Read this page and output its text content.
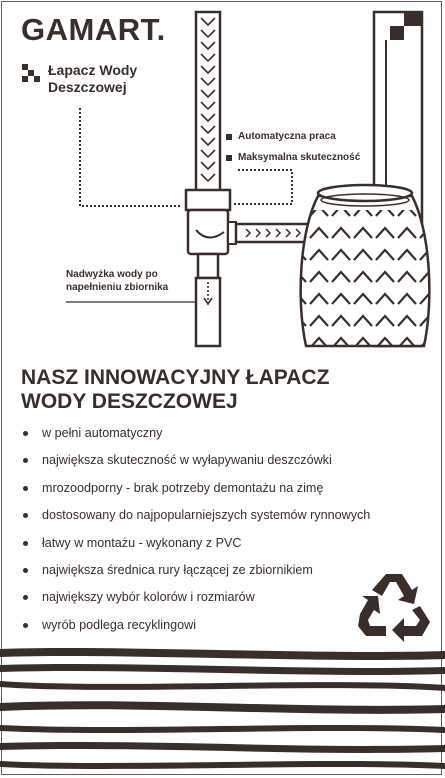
GAMART.
Łapacz Wody
Deszczowej
Automatyczna praca
Maksymalna skuteczność
Nadwyżka wody po
napełnieniu zbiornika
NASZ INNOWACYJNY ŁAPACZ
WODY DESZCZOWEJ
w pełni automatyczny
największa skuteczność w wyłapywaniu deszczówki
mrozoodporny - brak potrzeby demontażu na zimę
dostosowany do najpopularniejszych systemów rynnowych
łatwy w montażu - wykonany z PVC
największa średnica rury łączącej ze zbiornikiem
największy wybór kolorów i rozmiarów
wyrób podlega recyklingowi
